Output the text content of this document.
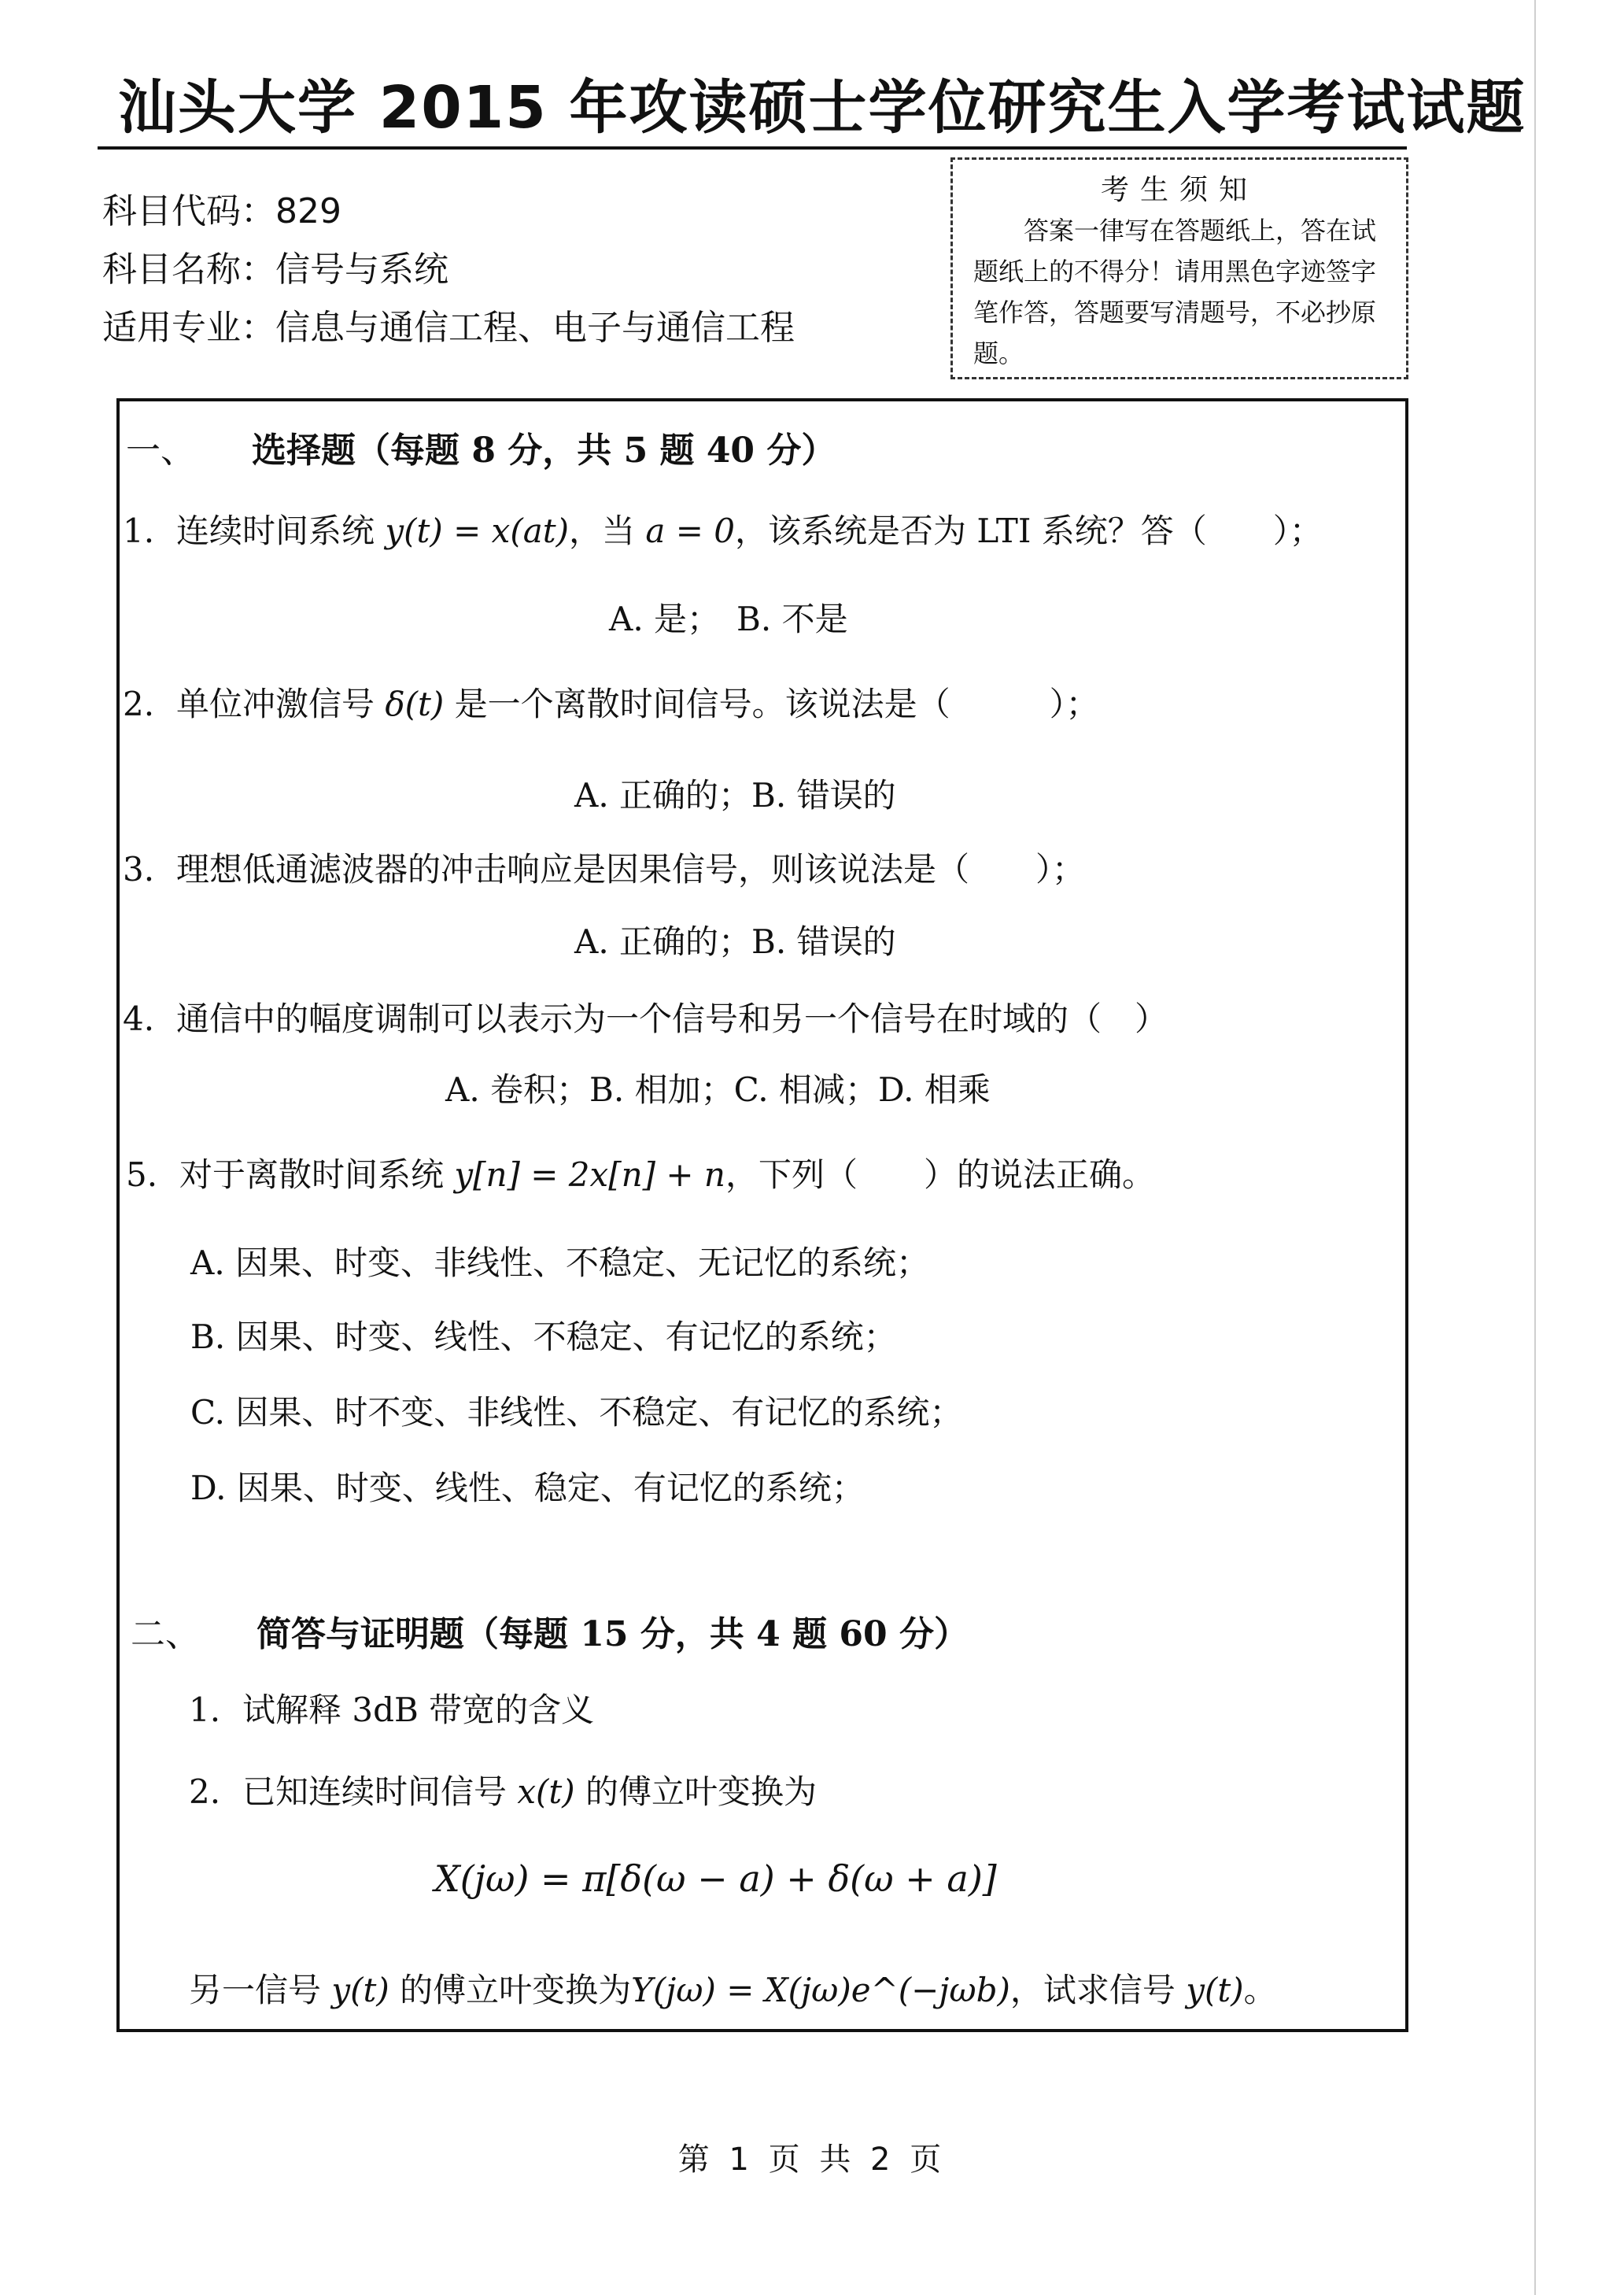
汕头大学 2015 年攻读硕士学位研究生入学考试试题
科目代码：829
科目名称：信号与系统
适用专业：信息与通信工程、电子与通信工程
考生须知
答案一律写在答题纸上，答在试题纸上的不得分！请用黑色字迹签字笔作答，答题要写清题号，不必抄原题。
一、 选择题（每题 8 分，共 5 题 40 分）
1. 连续时间系统 y(t) = x(at)，当 a = 0，该系统是否为 LTI 系统？答（　　）；
A. 是；　B. 不是
2. 单位冲激信号 δ(t) 是一个离散时间信号。该说法是（　　　）；
A. 正确的；B. 错误的
3. 理想低通滤波器的冲击响应是因果信号，则该说法是（　　）；
A. 正确的；B. 错误的
4. 通信中的幅度调制可以表示为一个信号和另一个信号在时域的（　）
A. 卷积；B. 相加；C. 相减；D. 相乘
5. 对于离散时间系统 y[n] = 2x[n] + n，下列（　　）的说法正确。
A. 因果、时变、非线性、不稳定、无记忆的系统；
B. 因果、时变、线性、不稳定、有记忆的系统；
C. 因果、时不变、非线性、不稳定、有记忆的系统；
D. 因果、时变、线性、稳定、有记忆的系统；
二、 简答与证明题（每题 15 分，共 4 题 60 分）
1. 试解释 3dB 带宽的含义
2. 已知连续时间信号 x(t) 的傅立叶变换为
X(jω) = π[δ(ω − a) + δ(ω + a)]
另一信号 y(t) 的傅立叶变换为Y(jω) = X(jω)e^(−jωb)，试求信号 y(t)。
第 1 页 共 2 页
